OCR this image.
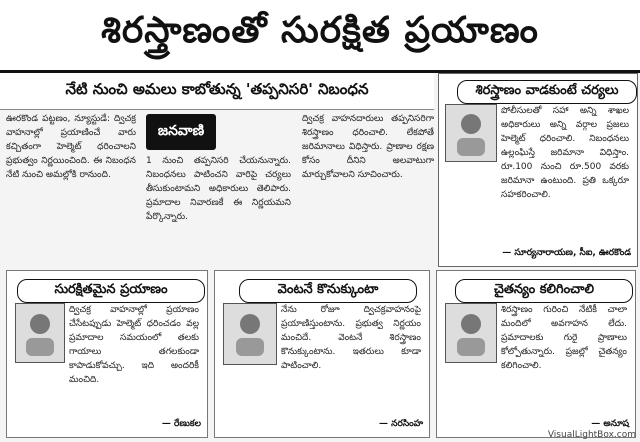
శిరస్త్రాణంతో సురక్షిత ప్రయాణం
నేటి నుంచి అమలు కాబోతున్న 'తప్పనిసరి' నిబంధన
ఊరకొండ పట్టణం, న్యూస్టుడే: ద్విచక్ర వాహనాల్లో ప్రయాణించే వారు కచ్చితంగా హెల్మెట్ ధరించాలని ప్రభుత్వం నిర్ణయించింది. ఈ నిబంధన నేటి నుంచి అమల్లోకి రానుంది.
జనవాణి
1 నుంచి తప్పనిసరి చేయనున్నారు. నిబంధనలు పాటించని వారిపై చర్యలు తీసుకుంటామని అధికారులు తెలిపారు. ప్రమాదాల నివారణకే ఈ నిర్ణయమని పేర్కొన్నారు.
ద్విచక్ర వాహనదారులు తప్పనిసరిగా శిరస్త్రాణం ధరించాలి. లేకపోతే జరిమానాలు విధిస్తారు. ప్రాణాల రక్షణ కోసం దీనిని అలవాటుగా మార్చుకోవాలని సూచించారు.
శిరస్త్రాణం వాడకుంటే చర్యలు
పోలీసులతో సహా అన్ని శాఖల అధికారులు అన్ని వర్గాల ప్రజలు హెల్మెట్ ధరించాలి. నిబంధనలు ఉల్లంఘిస్తే జరిమానా విధిస్తాం. రూ.100 నుంచి రూ.500 వరకు జరిమానా ఉంటుంది. ప్రతి ఒక్కరూ సహకరించాలి.
— సూర్యనారాయణ, సీఐ, ఊరకొండ
సురక్షితమైన ప్రయాణం
ద్విచక్ర వాహనాల్లో ప్రయాణం చేసేటప్పుడు హెల్మెట్ ధరించడం వల్ల ప్రమాదాల సమయంలో తలకు గాయాలు తగలకుండా కాపాడుకోవచ్చు. ఇది అందరికీ మంచిది.
— రేణుకల
వెంటనే కొనుక్కుంటా
నేను రోజూ ద్విచక్రవాహనంపై ప్రయాణిస్తుంటాను. ప్రభుత్వ నిర్ణయం మంచిదే. వెంటనే శిరస్త్రాణం కొనుక్కుంటాను. ఇతరులు కూడా పాటించాలి.
— నరసింహ
చైతన్యం కలిగించాలి
శిరస్త్రాణం గురించి నేటికీ చాలా మందిలో అవగాహన లేదు. ప్రమాదాలకు గురై ప్రాణాలు కోల్పోతున్నారు. ప్రజల్లో చైతన్యం కలిగించాలి.
— అనూష
VisualLightBox.com
